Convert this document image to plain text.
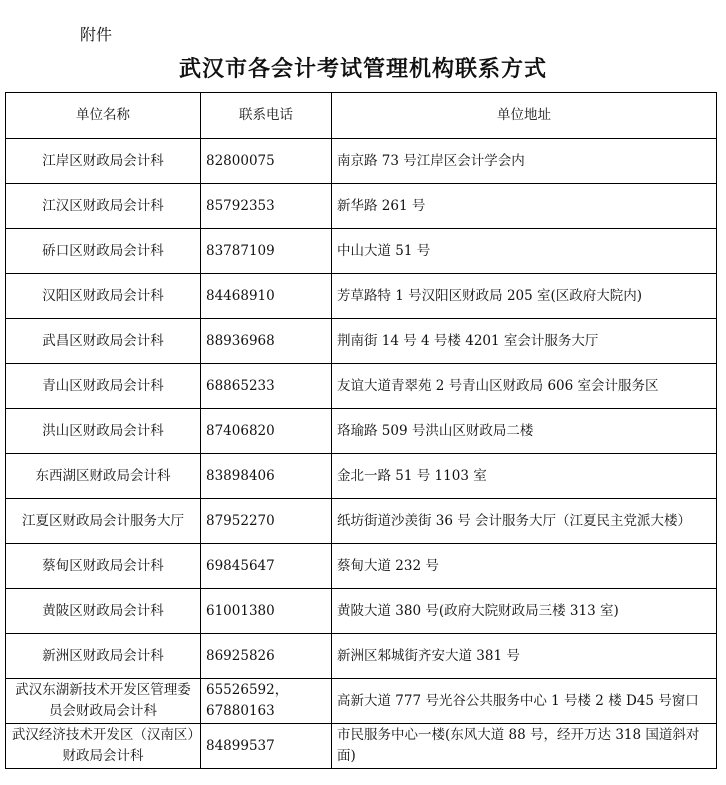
附件
武汉市各会计考试管理机构联系方式
单位名称	联系电话	单位地址
江岸区财政局会计科	82800075	南京路 73 号江岸区会计学会内
江汉区财政局会计科	85792353	新华路 261 号
硚口区财政局会计科	83787109	中山大道 51 号
汉阳区财政局会计科	84468910	芳草路特 1 号汉阳区财政局 205 室(区政府大院内)
武昌区财政局会计科	88936968	荆南街 14 号 4 号楼 4201 室会计服务大厅
青山区财政局会计科	68865233	友谊大道青翠苑 2 号青山区财政局 606 室会计服务区
洪山区财政局会计科	87406820	珞瑜路 509 号洪山区财政局二楼
东西湖区财政局会计科	83898406	金北一路 51 号 1103 室
江夏区财政局会计服务大厅	87952270	纸坊街道沙羡街 36 号 会计服务大厅（江夏民主党派大楼）
蔡甸区财政局会计科	69845647	蔡甸大道 232 号
黄陂区财政局会计科	61001380	黄陂大道 380 号(政府大院财政局三楼 313 室)
新洲区财政局会计科	86925826	新洲区邾城街齐安大道 381 号
武汉东湖新技术开发区管理委员会财政局会计科	65526592，67880163	高新大道 777 号光谷公共服务中心 1 号楼 2 楼 D45 号窗口
武汉经济技术开发区（汉南区）财政局会计科	84899537	市民服务中心一楼(东风大道 88 号，经开万达 318 国道斜对面)
